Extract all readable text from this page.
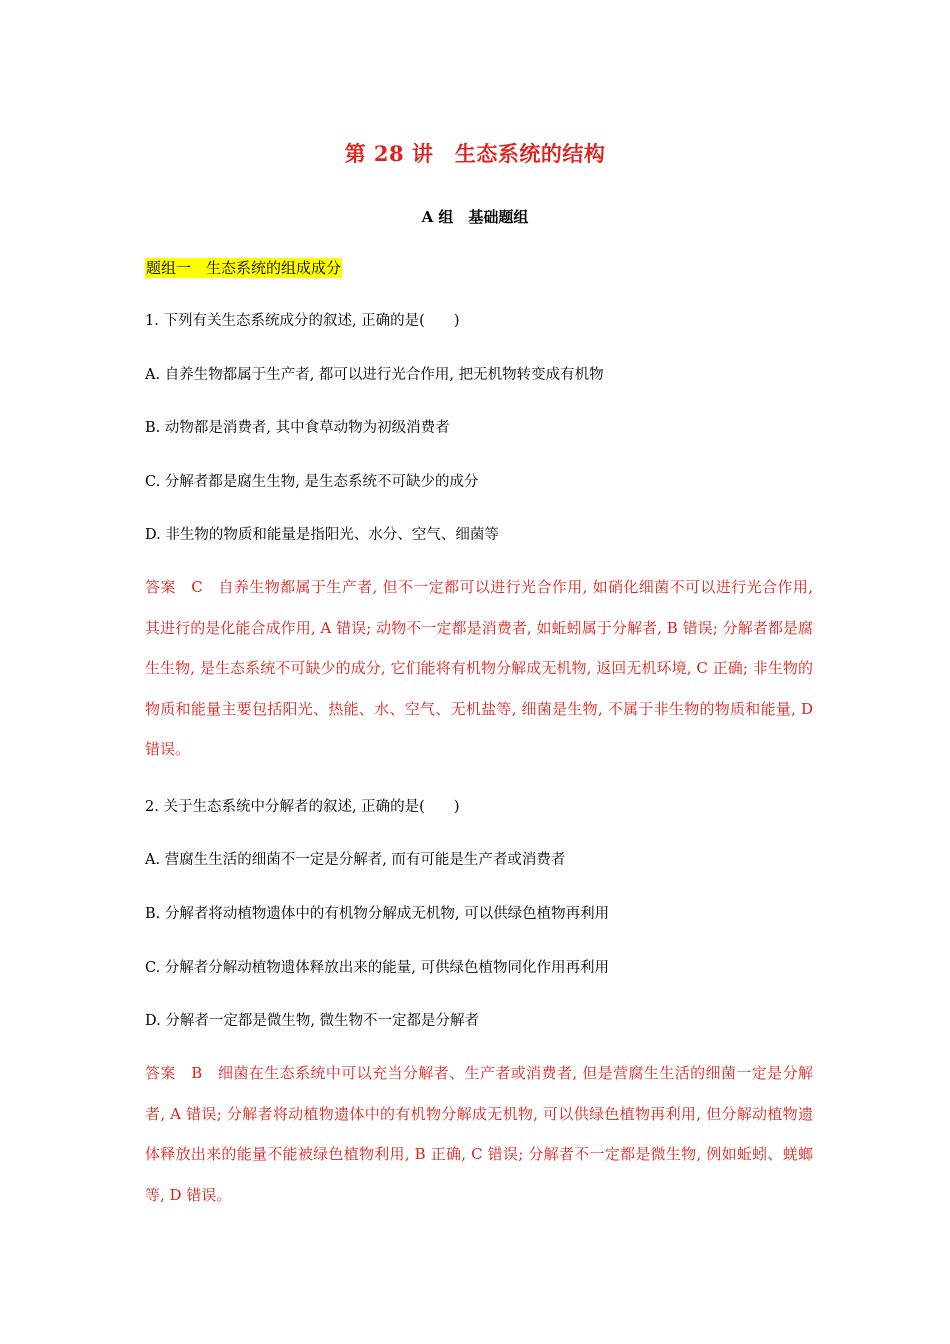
第 28 讲　生态系统的结构
A 组　基础题组
题组一　生态系统的组成成分
1. 下列有关生态系统成分的叙述, 正确的是(　　)
A. 自养生物都属于生产者, 都可以进行光合作用, 把无机物转变成有机物
B. 动物都是消费者, 其中食草动物为初级消费者
C. 分解者都是腐生生物, 是生态系统不可缺少的成分
D. 非生物的物质和能量是指阳光、水分、空气、细菌等
答案　C　自养生物都属于生产者, 但不一定都可以进行光合作用, 如硝化细菌不可以进行光合作用, 其进行的是化能合成作用, A 错误; 动物不一定都是消费者, 如蚯蚓属于分解者, B 错误; 分解者都是腐生生物, 是生态系统不可缺少的成分, 它们能将有机物分解成无机物, 返回无机环境, C 正确; 非生物的物质和能量主要包括阳光、热能、水、空气、无机盐等, 细菌是生物, 不属于非生物的物质和能量, D 错误。
2. 关于生态系统中分解者的叙述, 正确的是(　　)
A. 营腐生生活的细菌不一定是分解者, 而有可能是生产者或消费者
B. 分解者将动植物遗体中的有机物分解成无机物, 可以供绿色植物再利用
C. 分解者分解动植物遗体释放出来的能量, 可供绿色植物同化作用再利用
D. 分解者一定都是微生物, 微生物不一定都是分解者
答案　B　细菌在生态系统中可以充当分解者、生产者或消费者, 但是营腐生生活的细菌一定是分解者, A 错误; 分解者将动植物遗体中的有机物分解成无机物, 可以供绿色植物再利用, 但分解动植物遗体释放出来的能量不能被绿色植物利用, B 正确, C 错误; 分解者不一定都是微生物, 例如蚯蚓、蜣螂等, D 错误。
